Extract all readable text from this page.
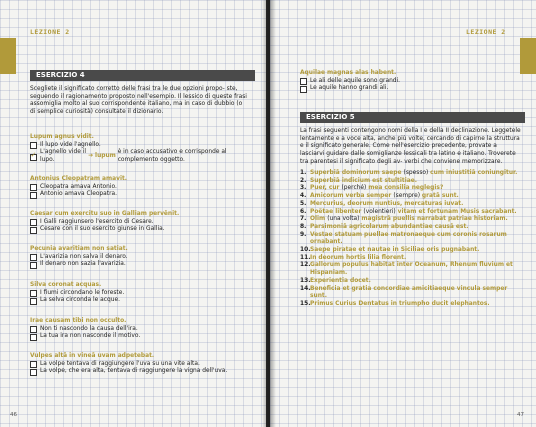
LEZIONE 2
ESERCIZIO 4
Scegliete il significato corretto delle frasi tra le due opzioni propo- ste, seguendo il ragionamento proposto nell'esempio. Il lessico di queste frasi assomiglia molto al suo corrispondente italiano, ma in caso di dubbio (o di semplice curiosità) consultate il dizionario.
Lupum agnus vidit.
Il lupo vide l'agnello.
✓ L'agnello vide il lupo.

➔
lupum

è in caso accusativo e corrisponde al complemento oggetto.
Antonius Cleopatram amavit.
Cleopatra amava Antonio.
Antonio amava Cleopatra.
Caesar cum exercitu suo in Galliam pervēnit.
I Galli raggiunsero l'esercito di Cesare.
Cesare con il suo esercito giunse in Gallia.
Pecunia avaritiam non satiat.
L'avarizia non salva il denaro.
Il denaro non sazia l'avarizia.
Silva coronat acquas.
I fiumi circondano le foreste.
La selva circonda le acque.
Irae causam tibi non occulto.
Non ti nascondo la causa dell'ira.
La tua ira non nasconde il motivo.
Vulpes altā in vineā uvam adpetebat.
La volpe tentava di raggiungere l'uva su una vite alta.
La volpe, che era alta, tentava di raggiungere la vigna dell'uva.
46
LEZIONE 2
Aquilae magnas alas habent.
Le ali delle aquile sono grandi.
Le aquile hanno grandi ali.
ESERCIZIO 5
La frasi seguenti contengono nomi della I e della II declinazione. Leggetele lentamente e a voce alta, anche più volte, cercando di capirne la struttura e il significato generale. Come nell'esercizio precedente, provate a lasciarvi guidare dalle somiglianze lessicali tra latino e italiano. Troverete tra parentesi il significato degli av- verbi che conviene memorizzare.
1. Superbiā dominorum saepe (spesso) cum iniustitiā coniungitur.
2. Superbiā indicium est stultitiae.
3. Puer, cur (perché) mea consilia neglegis?
4. Amicorum verba semper (sempre) gratā sunt.
5. Mercurius, deorum nuntius, mercaturas iuvat.
6. Poëtae libenter (volentieri) vitam et fortunam Musis sacrabant.
7. Olim (una volta) magistrā puellis narrabat patriae historiam.
8. Parsimoniā agricolarum abundantiae causā est.
9. Vestae statuam puellae matronaeque cum coronis rosarum ornabant.
10. Saepe piratae et nautae in Siciliae oris pugnabant.
11. In deorum hortis lilia florent.
12. Gallorum populus habitat inter Oceanum, Rhenum fluvium et Hispaniam.
13. Experientia docet.
14. Beneficia et gratia concordiae amicitiaeque vincula semper sunt.
15. Primus Curius Dentatus in triumpho ducit elephantos.
47
